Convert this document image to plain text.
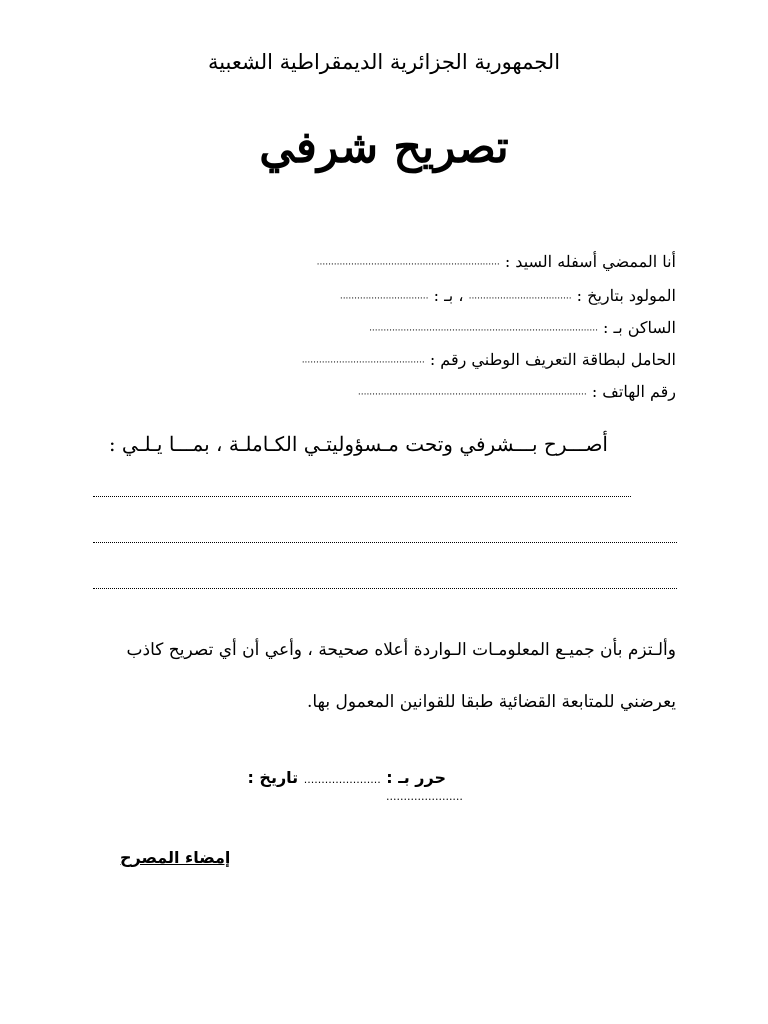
الجمهورية الجزائرية الديمقراطية الشعبية
تصريح شرفي
أنا الممضي أسفله السيد : ................................................................
المولود بتاريخ : .................................... ، بـ : ...............................
الساكن بـ : ................................................................................
الحامل لبطاقة التعريف الوطني رقم : ...........................................
رقم الهاتف : ................................................................................
أصـــرح بـــشرفي وتحت مـسؤوليتـي الكـاملـة ، بمـــا يـلـي :
وألـتزم بأن جميـع المعلومـات الـواردة أعلاه صحيحة ، وأعي أن أي تصريح كاذب
يعرضني للمتابعة القضائية طبقا للقوانين المعمول بها.
حرر بـ : ...................... تاريخ :
......................
إمضاء المصرح
